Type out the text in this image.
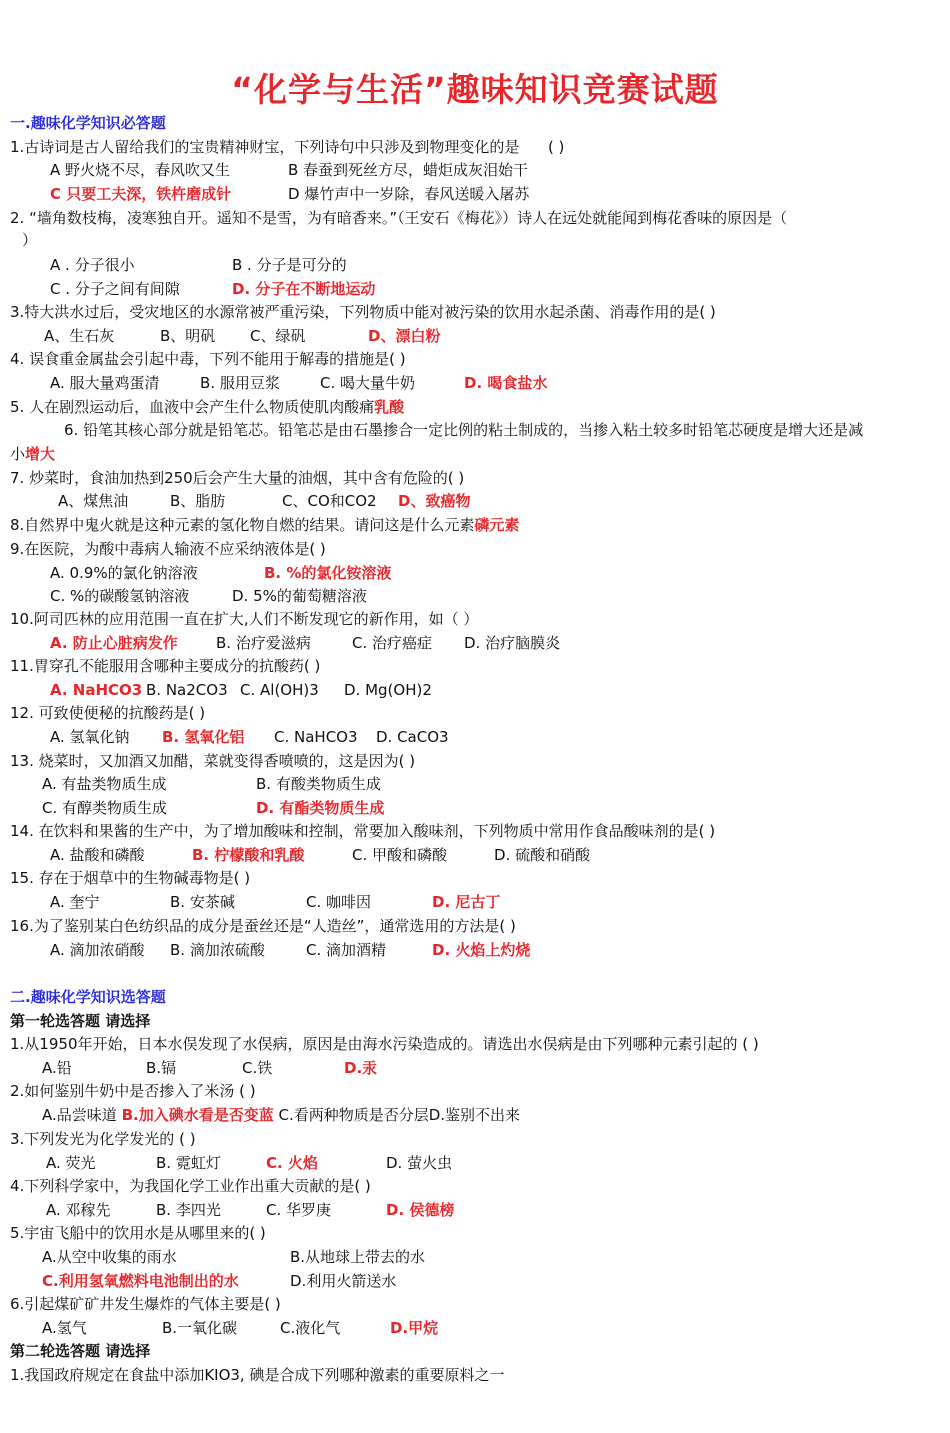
“化学与生活”趣味知识竞赛试题
一.趣味化学知识必答题
1.古诗词是古人留给我们的宝贵精神财宝，下列诗句中只涉及到物理变化的是 ( )
A 野火烧不尽，春风吹又生	B 春蚕到死丝方尽，蜡炬成灰泪始干
C 只要工夫深，铁杵磨成针	D 爆竹声中一岁除，春风送暖入屠苏
2. “墙角数枝梅，凌寒独自开。遥知不是雪，为有暗香来。”（王安石《梅花》）诗人在远处就能闻到梅花香味的原因是（
）
A . 分子很小	B . 分子是可分的
C . 分子之间有间隙	D. 分子在不断地运动
3.特大洪水过后，受灾地区的水源常被严重污染，下列物质中能对被污染的饮用水起杀菌、消毒作用的是( )
A、生石灰	B、明矾 C、绿矾	D、漂白粉
4. 误食重金属盐会引起中毒，下列不能用于解毒的措施是( )
A. 服大量鸡蛋清	B. 服用豆浆	C. 喝大量牛奶	D. 喝食盐水
5. 人在剧烈运动后，血液中会产生什么物质使肌肉酸痛乳酸
6. 铅笔其核心部分就是铅笔芯。铅笔芯是由石墨掺合一定比例的粘土制成的，当掺入粘土较多时铅笔芯硬度是增大还是减
小增大
7. 炒菜时，食油加热到250后会产生大量的油烟，其中含有危险的( )
A、煤焦油	B、脂肪	C、CO和CO2 D、致癌物
8.自然界中鬼火就是这种元素的氢化物自燃的结果。请问这是什么元素磷元素
9.在医院，为酸中毒病人输液不应采纳液体是( )
A. 0.9%的氯化钠溶液	B. %的氯化铵溶液
C. %的碳酸氢钠溶液	D. 5%的葡萄糖溶液
10.阿司匹林的应用范围一直在扩大,人们不断发现它的新作用，如（ ）
A. 防止心脏病发作	B. 治疗爱滋病	C. 治疗癌症 D. 治疗脑膜炎
11.胃穿孔不能服用含哪种主要成分的抗酸药( )
A. NaHCO3 B. Na2CO3 C. Al(OH)3 D. Mg(OH)2
12. 可致使便秘的抗酸药是( )
A. 氢氧化钠 B. 氢氧化铝 C. NaHCO3 D. CaCO3
13. 烧菜时，又加酒又加醋，菜就变得香喷喷的，这是因为( )
A. 有盐类物质生成	B. 有酸类物质生成
C. 有醇类物质生成	D. 有酯类物质生成
14. 在饮料和果酱的生产中，为了增加酸味和控制，常要加入酸味剂，下列物质中常用作食品酸味剂的是( )
A. 盐酸和磷酸	B. 柠檬酸和乳酸	C. 甲酸和磷酸	D. 硫酸和硝酸
15. 存在于烟草中的生物碱毒物是( )
A. 奎宁	B. 安茶碱	C. 咖啡因	D. 尼古丁
16.为了鉴别某白色纺织品的成分是蚕丝还是“人造丝”，通常选用的方法是( )
A. 滴加浓硝酸 B. 滴加浓硫酸	C. 滴加酒精	D. 火焰上灼烧
二.趣味化学知识选答题
第一轮选答题 请选择
1.从1950年开始，日本水俣发现了水俣病，原因是由海水污染造成的。请选出水俣病是由下列哪种元素引起的 ( )
A.铅	B.镉	C.铁	D.汞
2.如何鉴别牛奶中是否掺入了米汤 ( )
A.品尝味道 B.加入碘水看是否变蓝 C.看两种物质是否分层D.鉴别不出来
3.下列发光为化学发光的 ( )
A. 荧光	B. 霓虹灯	C. 火焰	D. 萤火虫
4.下列科学家中，为我国化学工业作出重大贡献的是( )
A. 邓稼先	B. 李四光	C. 华罗庚	D. 侯德榜
5.宇宙飞船中的饮用水是从哪里来的( )
A.从空中收集的雨水	B.从地球上带去的水
C.利用氢氧燃料电池制出的水	D.利用火箭送水
6.引起煤矿矿井发生爆炸的气体主要是( )
A.氢气	B.一氧化碳	C.液化气	D.甲烷
第二轮选答题 请选择
1.我国政府规定在食盐中添加KIO3, 碘是合成下列哪种激素的重要原料之一
